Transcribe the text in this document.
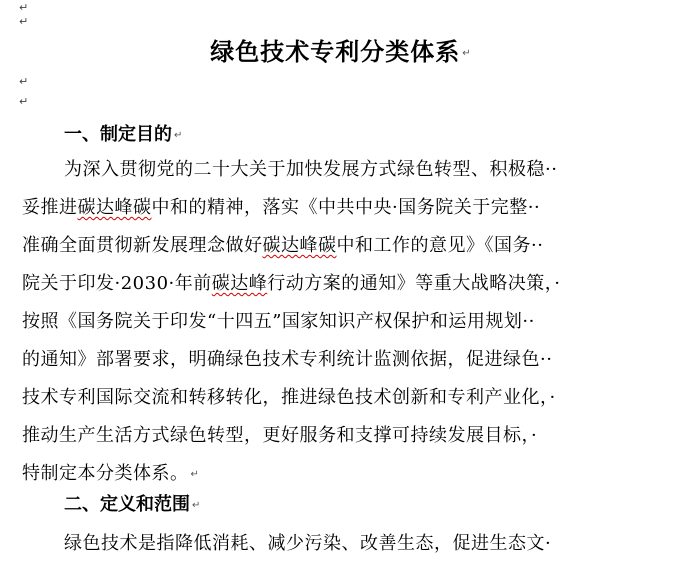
↵
↵
绿色技术专利分类体系 ↵
↵
↵
一、制定目的 ↵
为深入贯彻党的二十大关于加快发展方式绿色转型、积极稳··
妥推进碳达峰碳中和的精神，落实《中共中央·国务院关于完整··
准确全面贯彻新发展理念做好碳达峰碳中和工作的意见》《国务··
院关于印发·2030·年前碳达峰行动方案的通知》等重大战略决策，·
按照《国务院关于印发“十四五”国家知识产权保护和运用规划··
的通知》部署要求，明确绿色技术专利统计监测依据，促进绿色··
技术专利国际交流和转移转化，推进绿色技术创新和专利产业化，·
推动生产生活方式绿色转型，更好服务和支撑可持续发展目标，·
特制定本分类体系。 ↵
二、定义和范围 ↵
绿色技术是指降低消耗、减少污染、改善生态，促进生态文·
